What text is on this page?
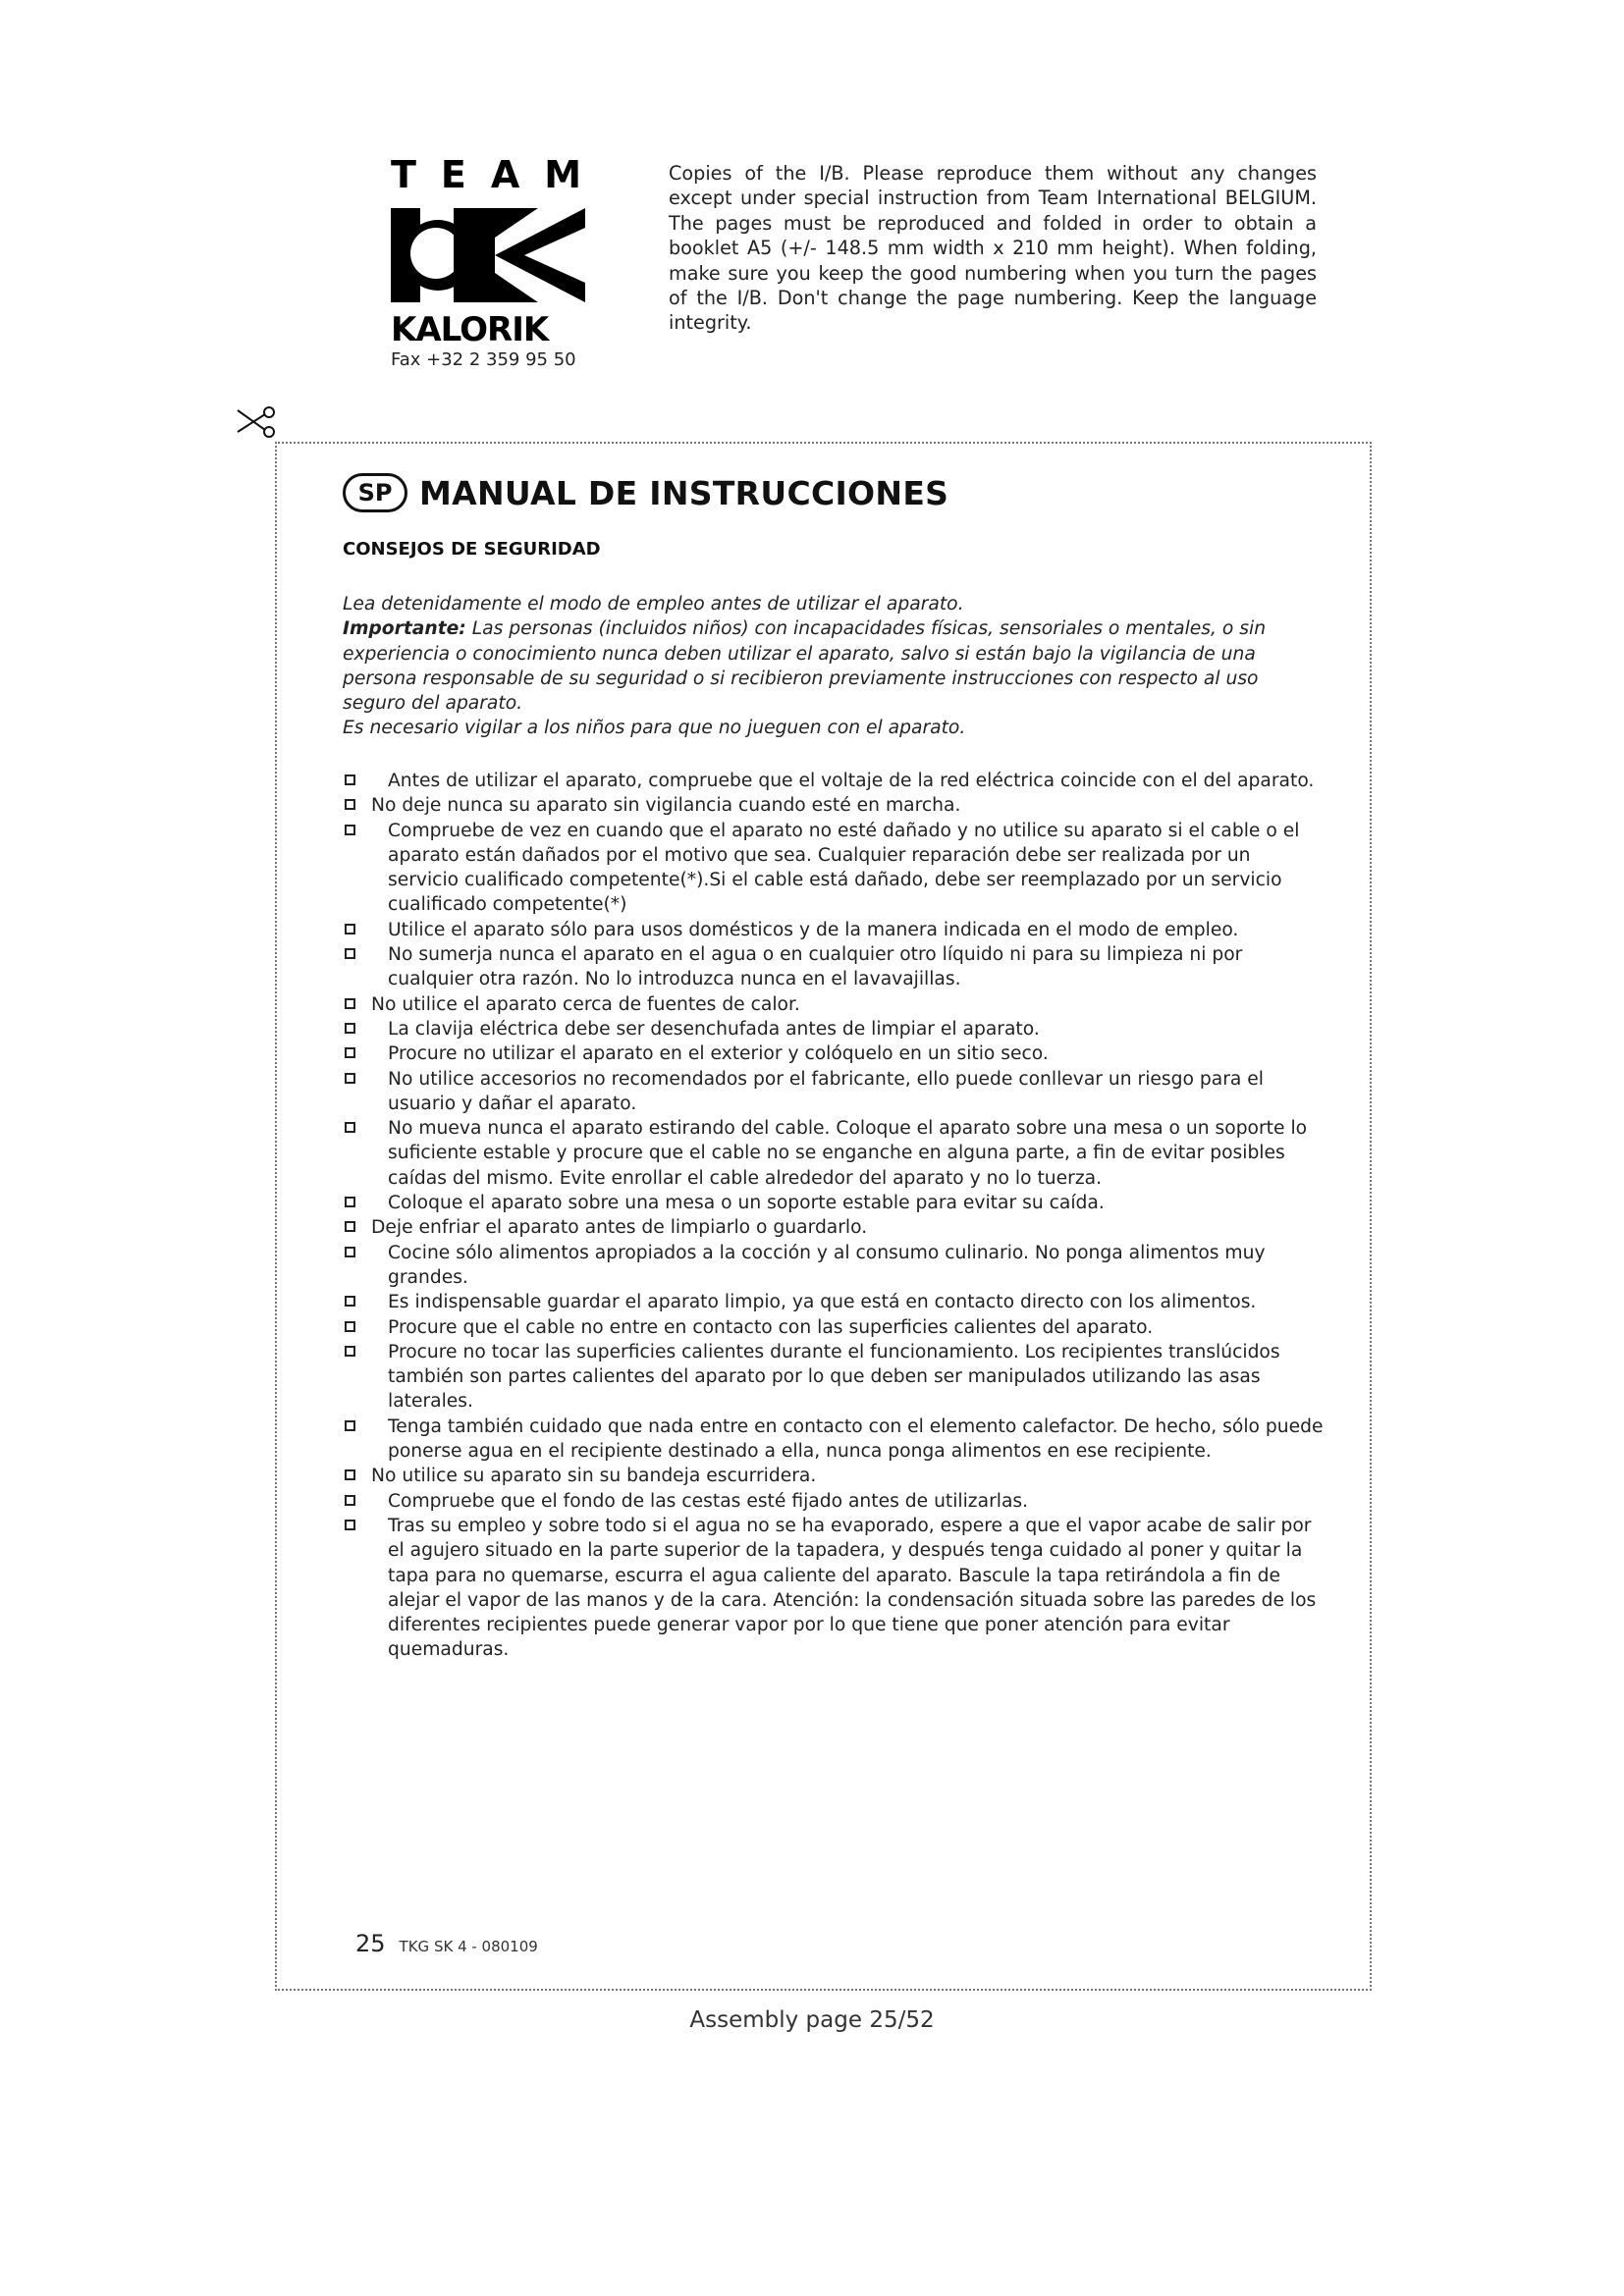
TEAM
KALORIK
Fax +32 2 359 95 50
Copies of the I/B. Please reproduce them without any changes except under special instruction from Team International BELGIUM. The pages must be reproduced and folded in order to obtain a booklet A5 (+/- 148.5 mm width x 210 mm height). When folding, make sure you keep the good numbering when you turn the pages of the I/B. Don't change the page numbering. Keep the language integrity.
SP MANUAL DE INSTRUCCIONES
CONSEJOS DE SEGURIDAD
Lea detenidamente el modo de empleo antes de utilizar el aparato.
Importante: Las personas (incluidos niños) con incapacidades físicas, sensoriales o mentales, o sin experiencia o conocimiento nunca deben utilizar el aparato, salvo si están bajo la vigilancia de una persona responsable de su seguridad o si recibieron previamente instrucciones con respecto al uso seguro del aparato.
Es necesario vigilar a los niños para que no jueguen con el aparato.
Antes de utilizar el aparato, compruebe que el voltaje de la red eléctrica coincide con el del aparato.
No deje nunca su aparato sin vigilancia cuando esté en marcha.
Compruebe de vez en cuando que el aparato no esté dañado y no utilice su aparato si el cable o el aparato están dañados por el motivo que sea. Cualquier reparación debe ser realizada por un servicio cualificado competente(*).Si el cable está dañado, debe ser reemplazado por un servicio cualificado competente(*)
Utilice el aparato sólo para usos domésticos y de la manera indicada en el modo de empleo.
No sumerja nunca el aparato en el agua o en cualquier otro líquido ni para su limpieza ni por cualquier otra razón. No lo introduzca nunca en el lavavajillas.
No utilice el aparato cerca de fuentes de calor.
La clavija eléctrica debe ser desenchufada antes de limpiar el aparato.
Procure no utilizar el aparato en el exterior y colóquelo en un sitio seco.
No utilice accesorios no recomendados por el fabricante, ello puede conllevar un riesgo para el usuario y dañar el aparato.
No mueva nunca el aparato estirando del cable. Coloque el aparato sobre una mesa o un soporte lo suficiente estable y procure que el cable no se enganche en alguna parte, a fin de evitar posibles caídas del mismo. Evite enrollar el cable alrededor del aparato y no lo tuerza.
Coloque el aparato sobre una mesa o un soporte estable para evitar su caída.
Deje enfriar el aparato antes de limpiarlo o guardarlo.
Cocine sólo alimentos apropiados a la cocción y al consumo culinario. No ponga alimentos muy grandes.
Es indispensable guardar el aparato limpio, ya que está en contacto directo con los alimentos.
Procure que el cable no entre en contacto con las superficies calientes del aparato.
Procure no tocar las superficies calientes durante el funcionamiento. Los recipientes translúcidos también son partes calientes del aparato por lo que deben ser manipulados utilizando las asas laterales.
Tenga también cuidado que nada entre en contacto con el elemento calefactor. De hecho, sólo puede ponerse agua en el recipiente destinado a ella, nunca ponga alimentos en ese recipiente.
No utilice su aparato sin su bandeja escurridera.
Compruebe que el fondo de las cestas esté fijado antes de utilizarlas.
Tras su empleo y sobre todo si el agua no se ha evaporado, espere a que el vapor acabe de salir por el agujero situado en la parte superior de la tapadera, y después tenga cuidado al poner y quitar la tapa para no quemarse, escurra el agua caliente del aparato. Bascule la tapa retirándola a fin de alejar el vapor de las manos y de la cara. Atención: la condensación situada sobre las paredes de los diferentes recipientes puede generar vapor por lo que tiene que poner atención para evitar quemaduras.
25 TKG SK 4 - 080109
Assembly page 25/52
